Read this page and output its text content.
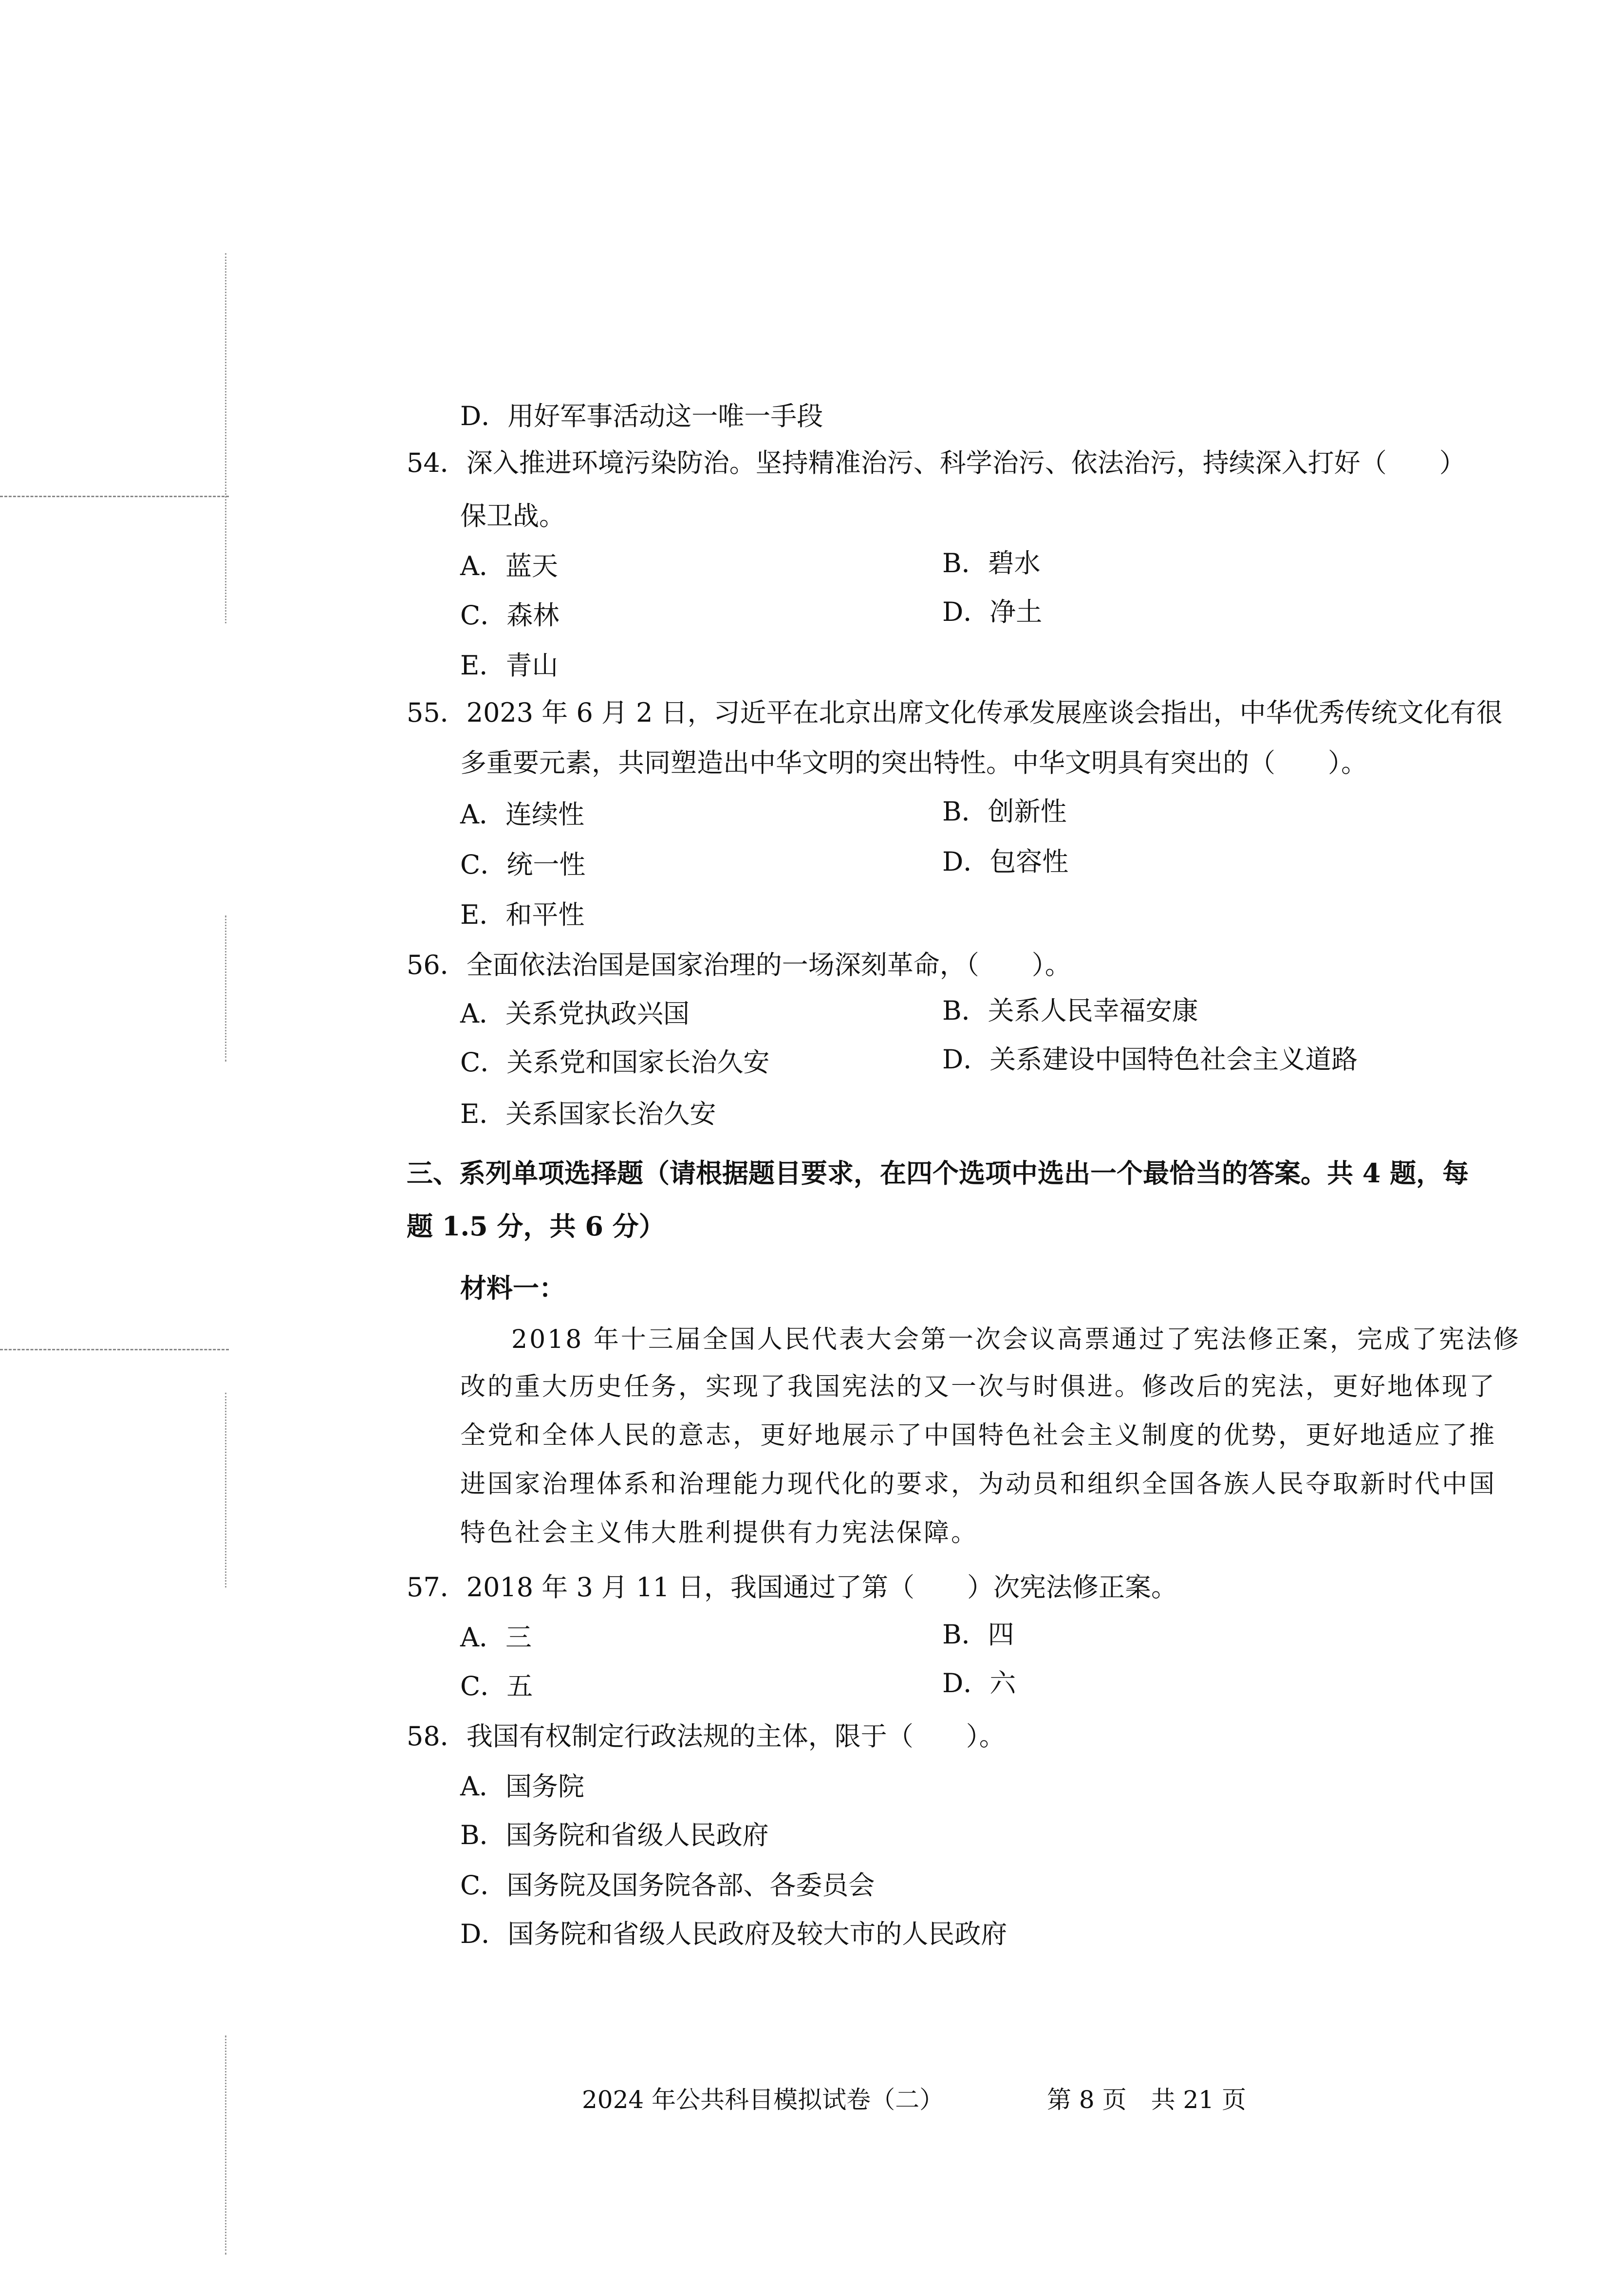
D．用好军事活动这一唯一手段
54．深入推进环境污染防治。坚持精准治污、科学治污、依法治污，持续深入打好（　　）
保卫战。
A．蓝天	B．碧水
C．森林	D．净土
E．青山
55．2023 年 6 月 2 日，习近平在北京出席文化传承发展座谈会指出，中华优秀传统文化有很
多重要元素，共同塑造出中华文明的突出特性。中华文明具有突出的（　　）。
A．连续性	B．创新性
C．统一性	D．包容性
E．和平性
56．全面依法治国是国家治理的一场深刻革命，（　　）。
A．关系党执政兴国	B．关系人民幸福安康
C．关系党和国家长治久安	D．关系建设中国特色社会主义道路
E．关系国家长治久安
三、系列单项选择题（请根据题目要求，在四个选项中选出一个最恰当的答案。共 4 题，每
题 1.5 分，共 6 分）
材料一：
2018 年十三届全国人民代表大会第一次会议高票通过了宪法修正案，完成了宪法修
改的重大历史任务，实现了我国宪法的又一次与时俱进。修改后的宪法，更好地体现了
全党和全体人民的意志，更好地展示了中国特色社会主义制度的优势，更好地适应了推
进国家治理体系和治理能力现代化的要求，为动员和组织全国各族人民夺取新时代中国
特色社会主义伟大胜利提供有力宪法保障。
57．2018 年 3 月 11 日，我国通过了第（　　）次宪法修正案。
A．三	B．四
C．五	D．六
58．我国有权制定行政法规的主体，限于（　　）。
A．国务院
B．国务院和省级人民政府
C．国务院及国务院各部、各委员会
D．国务院和省级人民政府及较大市的人民政府
2024 年公共科目模拟试卷（二）	第 8 页　共 21 页
